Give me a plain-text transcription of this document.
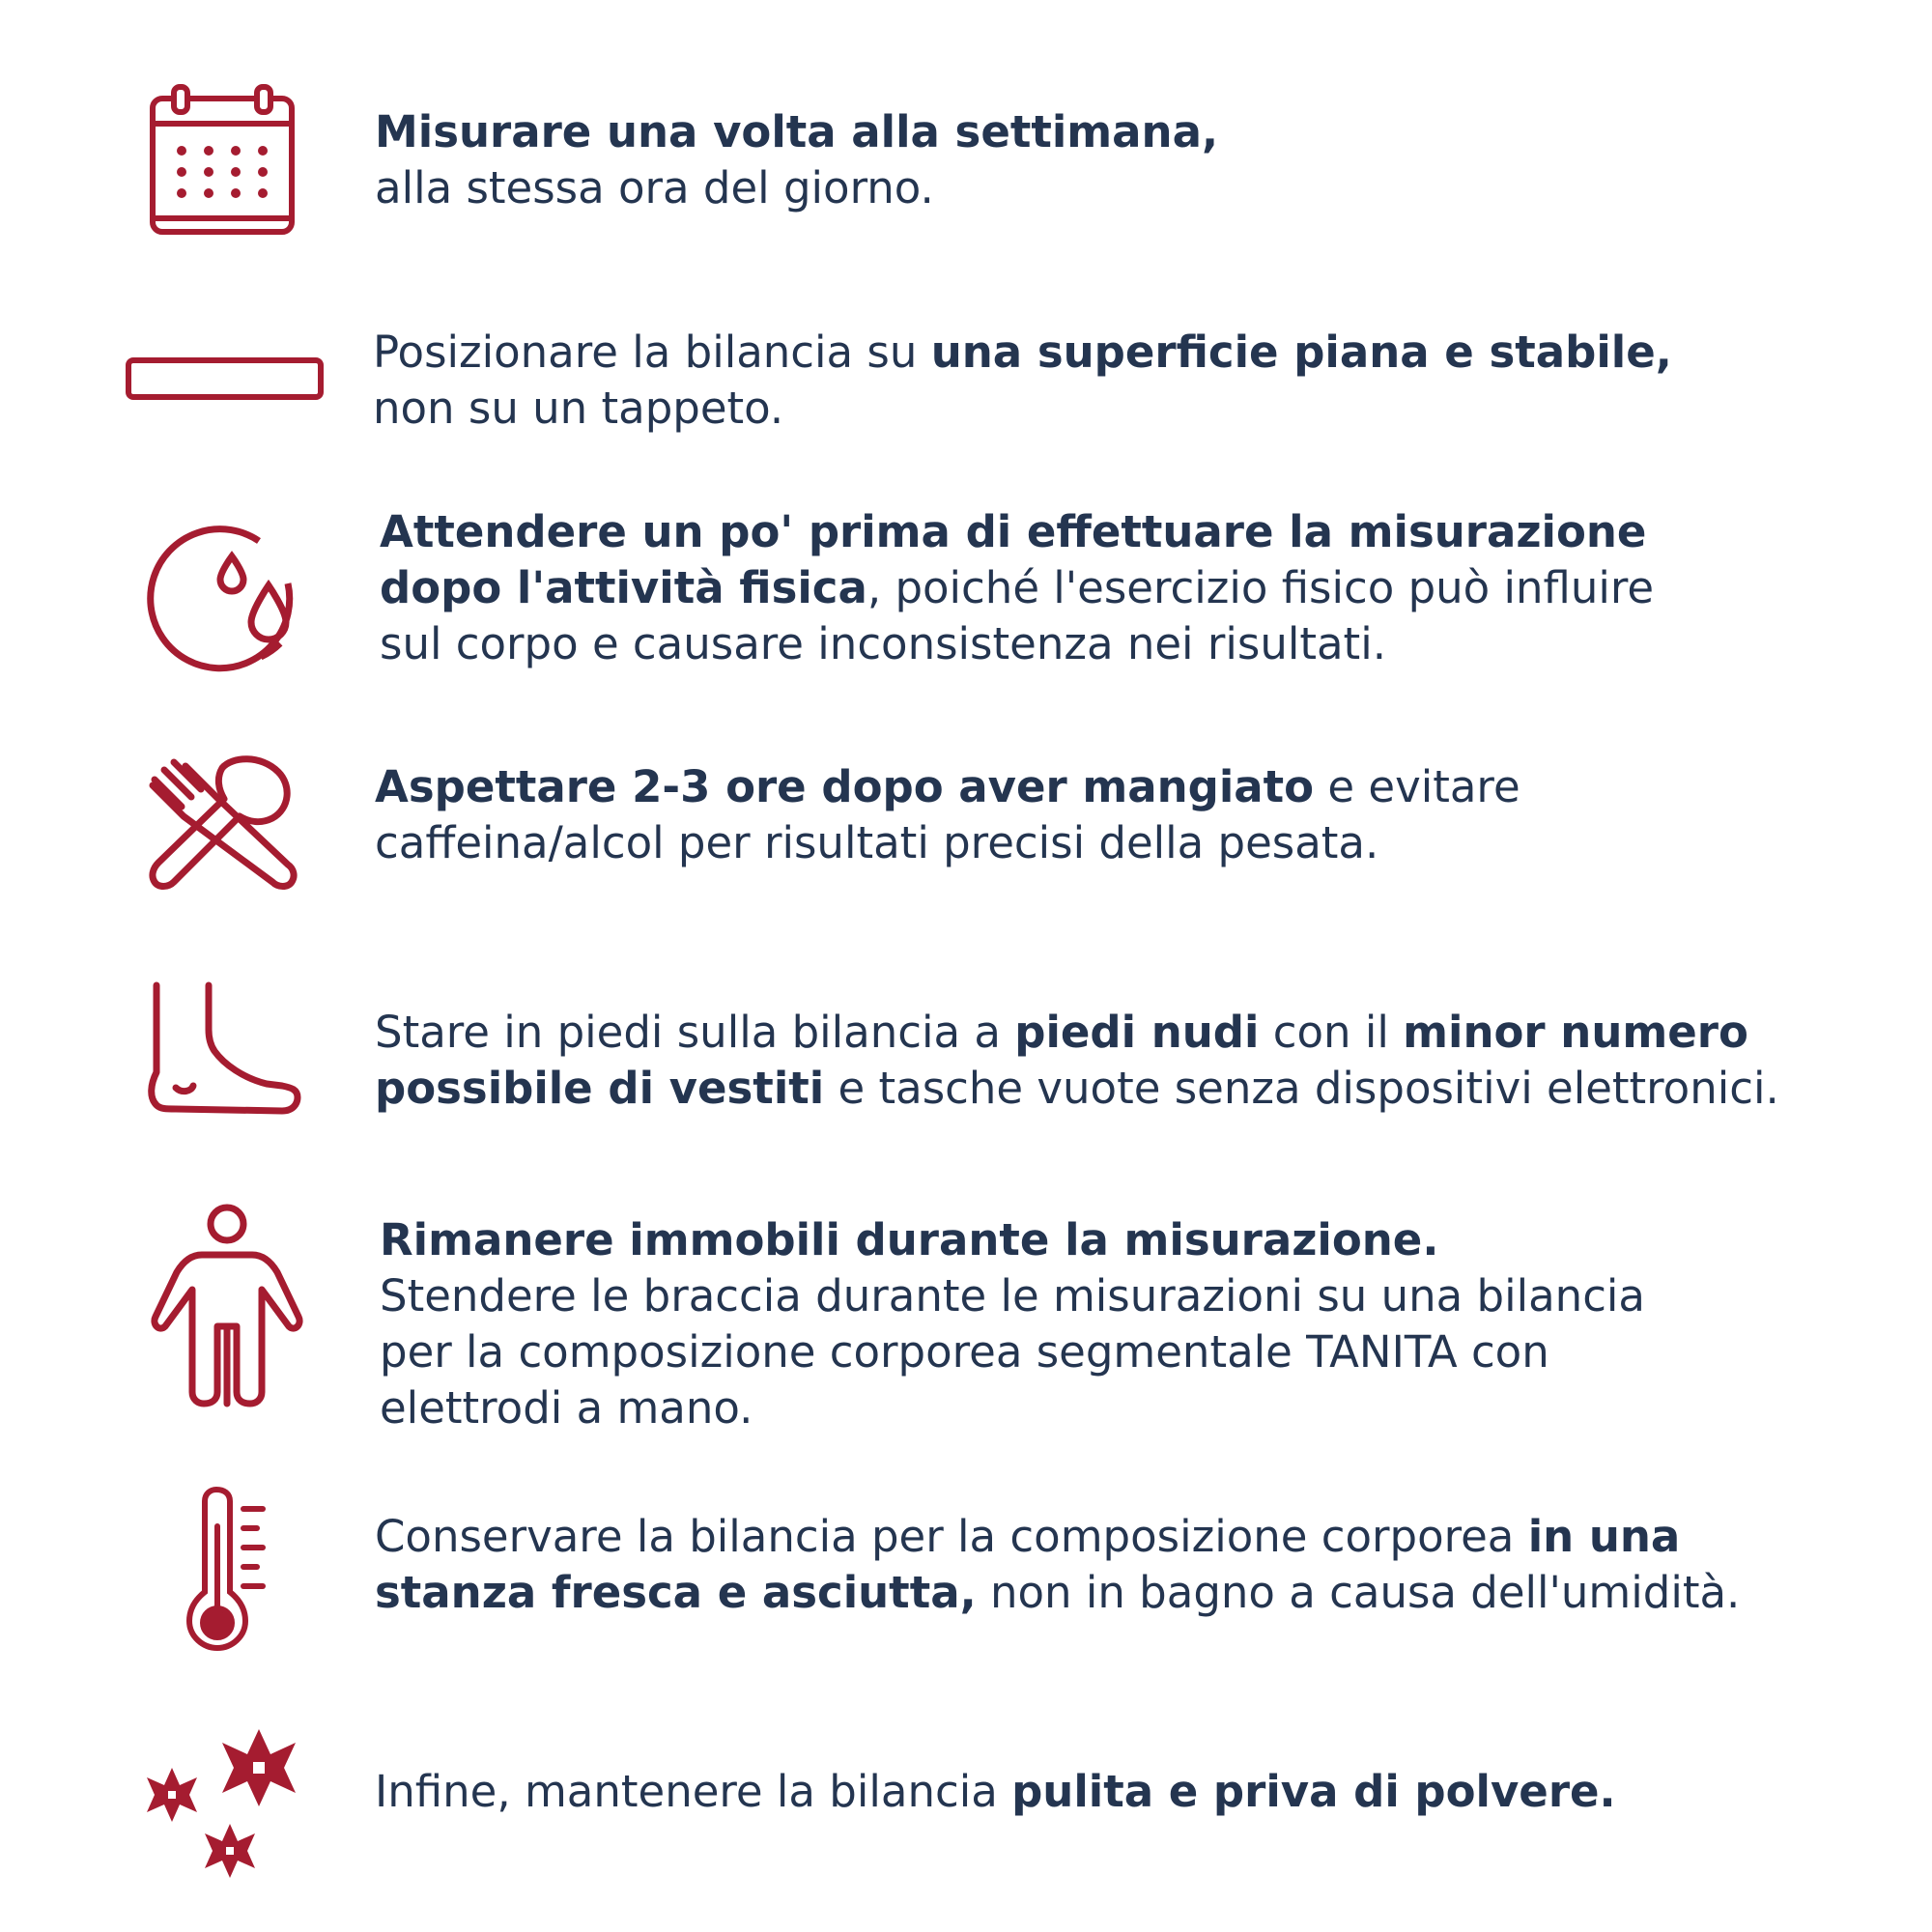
Misurare una volta alla settimana,
alla stessa ora del giorno.

Posizionare la bilancia su una superficie piana e stabile,
non su un tappeto.

Attendere un po' prima di effettuare la misurazione
dopo l'attività fisica, poiché l'esercizio fisico può influire
sul corpo e causare inconsistenza nei risultati.

Aspettare 2-3 ore dopo aver mangiato e evitare
caffeina/alcol per risultati precisi della pesata.

Stare in piedi sulla bilancia a piedi nudi con il minor numero
possibile di vestiti e tasche vuote senza dispositivi elettronici.

Rimanere immobili durante la misurazione.
Stendere le braccia durante le misurazioni su una bilancia
per la composizione corporea segmentale TANITA con
elettrodi a mano.

Conservare la bilancia per la composizione corporea in una
stanza fresca e asciutta, non in bagno a causa dell'umidità.

Infine, mantenere la bilancia pulita e priva di polvere.
